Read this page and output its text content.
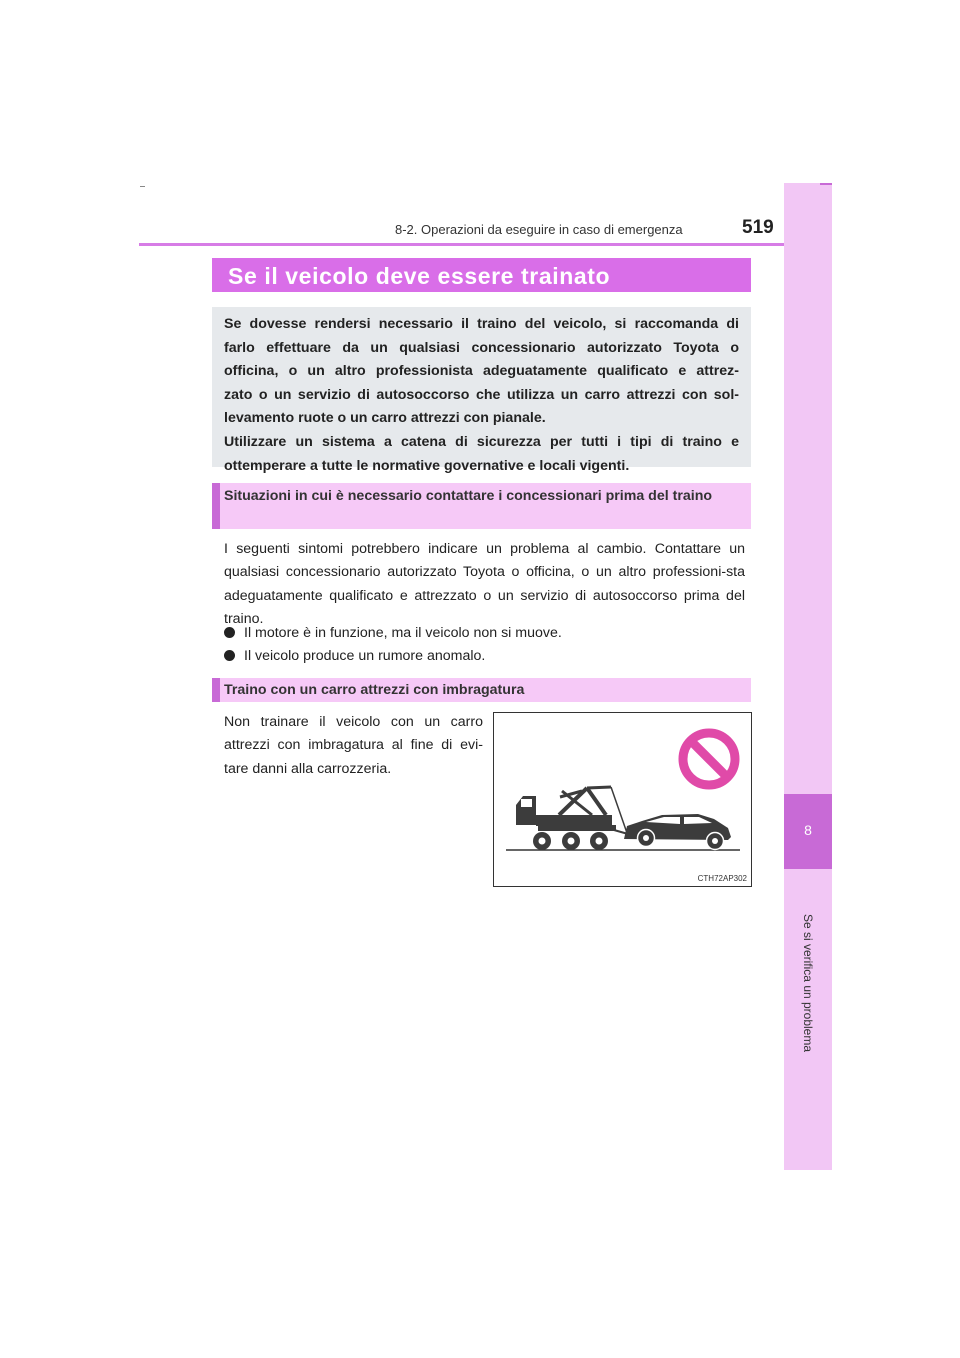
8-2. Operazioni da eseguire in caso di emergenza	519
8
Se si verifica un problema
Se il veicolo deve essere trainato
Se dovesse rendersi necessario il traino del veicolo, si raccomanda di
farlo effettuare da un qualsiasi concessionario autorizzato Toyota o
officina, o un altro professionista adeguatamente qualificato e attrez-
zato o un servizio di autosoccorso che utilizza un carro attrezzi con sol-
levamento ruote o un carro attrezzi con pianale.
Utilizzare un sistema a catena di sicurezza per tutti i tipi di traino e
ottemperare a tutte le normative governative e locali vigenti.
Situazioni in cui è necessario contattare i concessionari prima del traino
I seguenti sintomi potrebbero indicare un problema al cambio. Contattare un qualsiasi concessionario autorizzato Toyota o officina, o un altro professioni-sta adeguatamente qualificato e attrezzato o un servizio di autosoccorso prima del traino.
Il motore è in funzione, ma il veicolo non si muove.
Il veicolo produce un rumore anomalo.
Traino con un carro attrezzi con imbragatura
Non trainare il veicolo con un carro attrezzi con imbragatura al fine di evi-tare danni alla carrozzeria.
CTH72AP302
